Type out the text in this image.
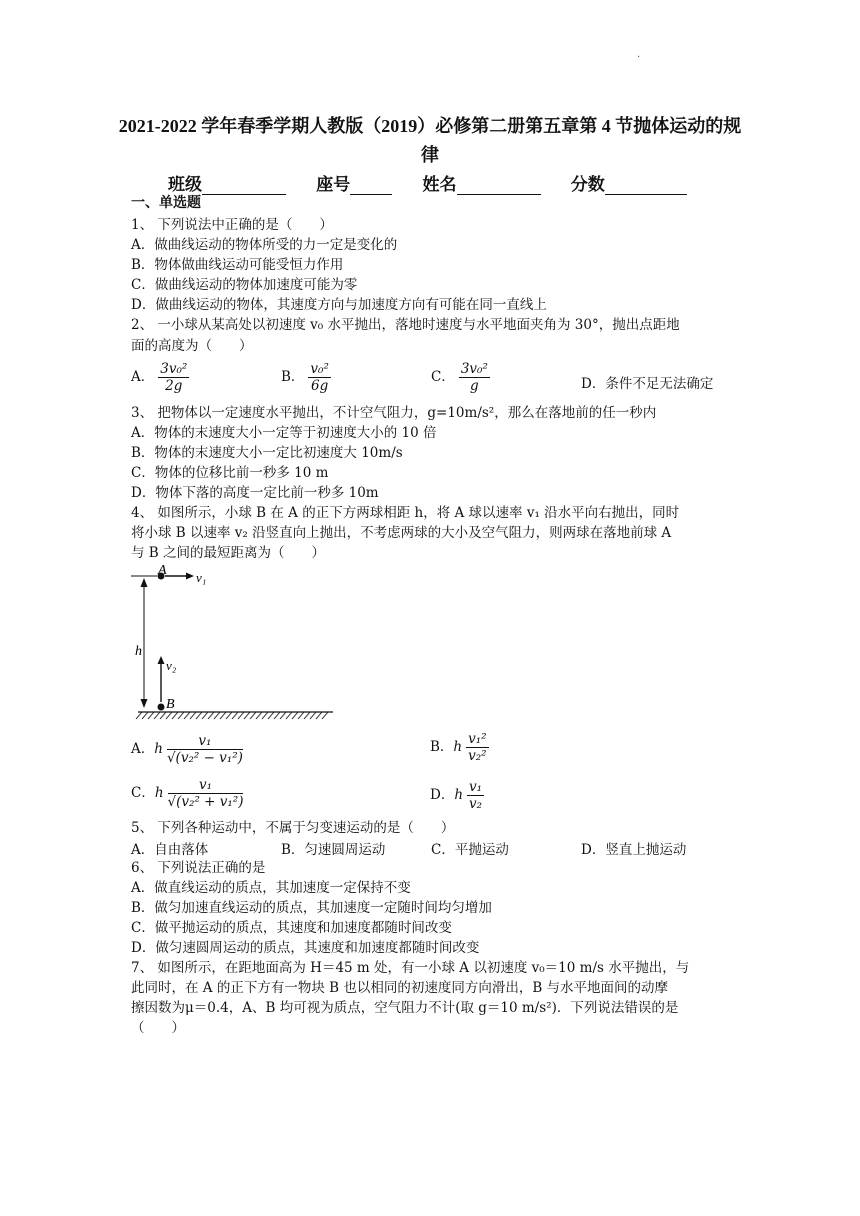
·
2021-2022 学年春季学期人教版（2019）必修第二册第五章第 4 节抛体运动的规
律
班级	座号	姓名	分数
一、单选题
1、 下列说法中正确的是（　　）
A．做曲线运动的物体所受的力一定是变化的
B．物体做曲线运动可能受恒力作用
C．做曲线运动的物体加速度可能为零
D．做曲线运动的物体，其速度方向与加速度方向有可能在同一直线上
2、 一小球从某高处以初速度 v₀ 水平抛出，落地时速度与水平地面夹角为 30°，抛出点距地
面的高度为（　　）
A． $\frac{\text{3v₀²}}{2g}$	B． $\frac{\text{v₀²}}{6g}$	C． $\frac{\text{3v₀²}}{g}$	D．条件不足无法确定
3、 把物体以一定速度水平抛出，不计空气阻力，g=10m/s²，那么在落地前的任一秒内
A．物体的末速度大小一定等于初速度大小的 10 倍
B．物体的末速度大小一定比初速度大 10m/s
C．物体的位移比前一秒多 10 m
D．物体下落的高度一定比前一秒多 10m
4、 如图所示，小球 B 在 A 的正下方两球相距 h，将 A 球以速率 v₁ 沿水平向右抛出，同时
将小球 B 以速率 v₂ 沿竖直向上抛出，不考虑两球的大小及空气阻力，则两球在落地前球 A
与 B 之间的最短距离为（　　）
A v₁
h
v₂
B
A．h $\frac{\text{v₁}}{\text{√(v₂² − v₁²)}}$	B．h $\frac{\text{v₁²}}{\text{v₂²}}$
C．h $\frac{\text{v₁}}{\text{√(v₂² + v₁²)}}$	D．h $\frac{\text{v₁}}{\text{v₂}}$
5、 下列各种运动中，不属于匀变速运动的是（　　）
A．自由落体	B．匀速圆周运动	C．平抛运动	D．竖直上抛运动
6、 下列说法正确的是
A．做直线运动的质点，其加速度一定保持不变
B．做匀加速直线运动的质点，其加速度一定随时间均匀增加
C．做平抛运动的质点，其速度和加速度都随时间改变
D．做匀速圆周运动的质点，其速度和加速度都随时间改变
7、 如图所示，在距地面高为 H＝45 m 处，有一小球 A 以初速度 v₀＝10 m/s 水平抛出，与
此同时，在 A 的正下方有一物块 B 也以相同的初速度同方向滑出，B 与水平地面间的动摩
擦因数为μ＝0.4，A、B 均可视为质点，空气阻力不计(取 g＝10 m/s²)．下列说法错误的是
（　　）
